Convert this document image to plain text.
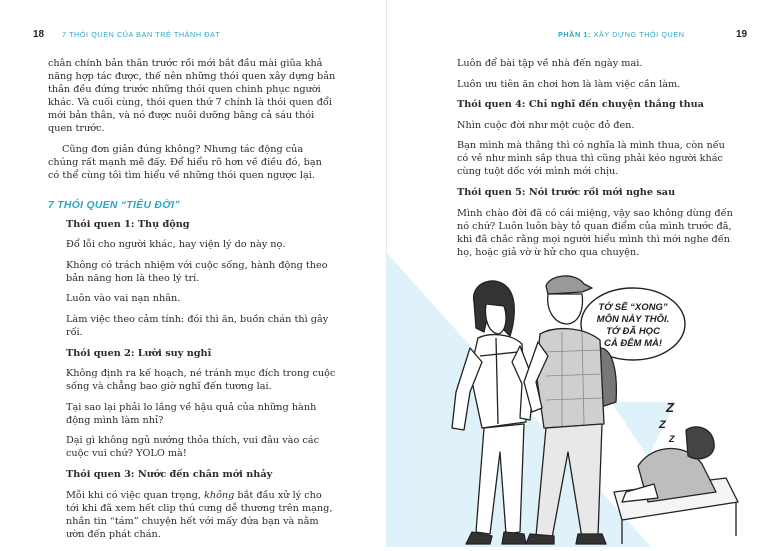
18 7 THÓI QUEN CỦA BẠN TRẺ THÀNH ĐẠT

chân chính bản thân trước rồi mới bắt đầu mài giũa khả năng hợp tác được, thế nên những thói quen xây dựng bản thân đều đứng trước những thói quen chinh phục người khác. Và cuối cùng, thói quen thứ 7 chính là thói quen đổi mới bản thân, và nó được nuôi dưỡng bằng cả sáu thói quen trước.

Cũng đơn giản đúng không? Nhưng tác động của chúng rất mạnh mẽ đấy. Để hiểu rõ hơn về điều đó, bạn có thể cùng tôi tìm hiểu về những thói quen ngược lại.

7 THÓI QUEN “TIÊU ĐỜI”

Thói quen 1: Thụ động

Đổ lỗi cho người khác, hay viện lý do này nọ.

Không có trách nhiệm với cuộc sống, hành động theo bản năng hơn là theo lý trí.

Luôn vào vai nạn nhân.

Làm việc theo cảm tính: đói thì ăn, buồn chán thì gây rối.

Thói quen 2: Lười suy nghĩ

Không định ra kế hoạch, né tránh mục đích trong cuộc sống và chẳng bao giờ nghĩ đến tương lai.

Tại sao lại phải lo lắng về hậu quả của những hành động mình làm nhỉ?

Dại gì không ngủ nướng thỏa thích, vui đâu vào các cuộc vui chứ? YOLO mà!

Thói quen 3: Nước đến chân mới nhảy

Mỗi khi có việc quan trọng, không bắt đầu xử lý cho tới khi đã xem hết clip thú cưng dễ thương trên mạng, nhắn tin “tám” chuyện hết với mấy đứa bạn và nằm ườn đến phát chán.

PHẦN 1: XÂY DỰNG THÓI QUEN	19

Luôn để bài tập về nhà đến ngày mai.

Luôn ưu tiên ăn chơi hơn là làm việc cần làm.

Thói quen 4: Chỉ nghĩ đến chuyện thắng thua

Nhìn cuộc đời như một cuộc đỏ đen.

Bạn mình mà thắng thì có nghĩa là mình thua, còn nếu có vẻ như mình sắp thua thì cũng phải kéo người khác cùng tuột dốc với mình mới chịu.

Thói quen 5: Nói trước rồi mới nghe sau

Mình chào đời đã có cái miệng, vậy sao không dùng đến nó chứ? Luôn luôn bày tỏ quan điểm của mình trước đã, khi đã chắc rằng mọi người hiểu mình thì mới nghe đến họ, hoặc giả vờ ừ hử cho qua chuyện.

TỚ SẼ “XONG”
MÔN NÀY THÔI.
TỚ ĐÃ HỌC
CẢ ĐÊM MÀ!
Z
Z
Z
